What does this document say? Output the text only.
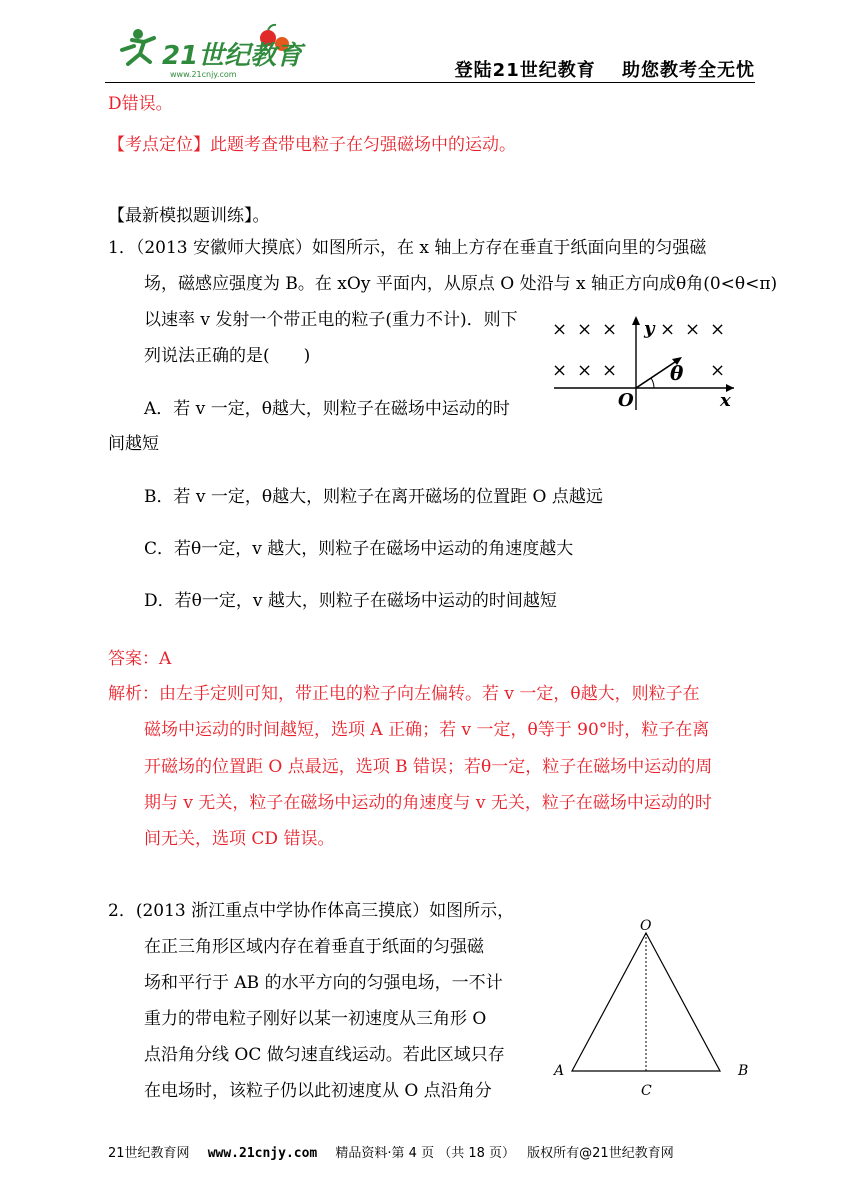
21世纪教育
www.21cnjy.com	登陆21世纪教育　 助您教考全无忧
D错误。
【考点定位】此题考查带电粒子在匀强磁场中的运动。
【最新模拟题训练】。
1．（2013 安徽师大摸底）如图所示，在 x 轴上方存在垂直于纸面向里的匀强磁
场，磁感应强度为 B。在 xOy 平面内，从原点 O 处沿与 x 轴正方向成θ角(0<θ<π)
以速率 v 发射一个带正电的粒子(重力不计)．则下
列说法正确的是(　　)
A．若 v 一定，θ越大，则粒子在磁场中运动的时
间越短
B．若 v 一定，θ越大，则粒子在离开磁场的位置距 O 点越远
C．若θ一定，v 越大，则粒子在磁场中运动的角速度越大
D．若θ一定，v 越大，则粒子在磁场中运动的时间越短
答案：A
解析：由左手定则可知，带正电的粒子向左偏转。若 v 一定，θ越大，则粒子在
磁场中运动的时间越短，选项 A 正确；若 v 一定，θ等于 90°时，粒子在离
开磁场的位置距 O 点最远，选项 B 错误；若θ一定，粒子在磁场中运动的周
期与 v 无关，粒子在磁场中运动的角速度与 v 无关，粒子在磁场中运动的时
间无关，选项 CD 错误。
× × × × × ×
× × ×	×
θ
y
x
O
2．(2013 浙江重点中学协作体高三摸底）如图所示，
在正三角形区域内存在着垂直于纸面的匀强磁
场和平行于 AB 的水平方向的匀强电场，一不计
重力的带电粒子刚好以某一初速度从三角形 O
点沿角分线 OC 做匀速直线运动。若此区域只存
在电场时，该粒子仍以此初速度从 O 点沿角分
O
A	B
C
21世纪教育网 www.21cnjy.com 精品资料·第 4 页 （共 18 页） 版权所有@21世纪教育网
